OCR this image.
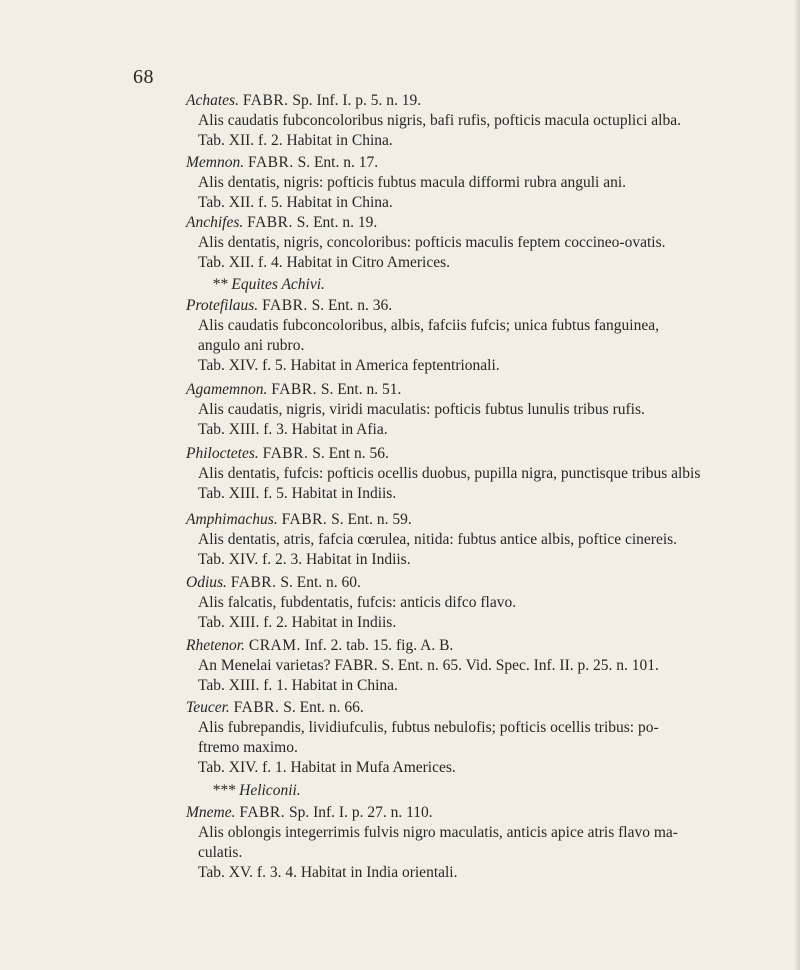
68
Achates. FABR. Sp. Inf. I. p. 5. n. 19.
Alis caudatis fubconcoloribus nigris, bafi rufis, pofticis macula octuplici alba.
Tab. XII. f. 2. Habitat in China.
Memnon. FABR. S. Ent. n. 17.
Alis dentatis, nigris: pofticis fubtus macula difformi rubra anguli ani.
Tab. XII. f. 5. Habitat in China.
Anchifes. FABR. S. Ent. n. 19.
Alis dentatis, nigris, concoloribus: pofticis maculis feptem coccineo-ovatis.
Tab. XII. f. 4. Habitat in Citro Americes.
** Equites Achivi.
Protefilaus. FABR. S. Ent. n. 36.
Alis caudatis fubconcoloribus, albis, fafciis fufcis; unica fubtus fanguinea,
angulo ani rubro.
Tab. XIV. f. 5. Habitat in America feptentrionali.
Agamemnon. FABR. S. Ent. n. 51.
Alis caudatis, nigris, viridi maculatis: pofticis fubtus lunulis tribus rufis.
Tab. XIII. f. 3. Habitat in Afia.
Philoctetes. FABR. S. Ent n. 56.
Alis dentatis, fufcis: pofticis ocellis duobus, pupilla nigra, punctisque tribus albis
Tab. XIII. f. 5. Habitat in Indiis.
Amphimachus. FABR. S. Ent. n. 59.
Alis dentatis, atris, fafcia cœrulea, nitida: fubtus antice albis, poftice cinereis.
Tab. XIV. f. 2. 3. Habitat in Indiis.
Odius. FABR. S. Ent. n. 60.
Alis falcatis, fubdentatis, fufcis: anticis difco flavo.
Tab. XIII. f. 2. Habitat in Indiis.
Rhetenor. CRAM. Inf. 2. tab. 15. fig. A. B.
An Menelai varietas? FABR. S. Ent. n. 65. Vid. Spec. Inf. II. p. 25. n. 101.
Tab. XIII. f. 1. Habitat in China.
Teucer. FABR. S. Ent. n. 66.
Alis fubrepandis, lividiufculis, fubtus nebulofis; pofticis ocellis tribus: po-
ftremo maximo.
Tab. XIV. f. 1. Habitat in Mufa Americes.
*** Heliconii.
Mneme. FABR. Sp. Inf. I. p. 27. n. 110.
Alis oblongis integerrimis fulvis nigro maculatis, anticis apice atris flavo ma-
culatis.
Tab. XV. f. 3. 4. Habitat in India orientali.
